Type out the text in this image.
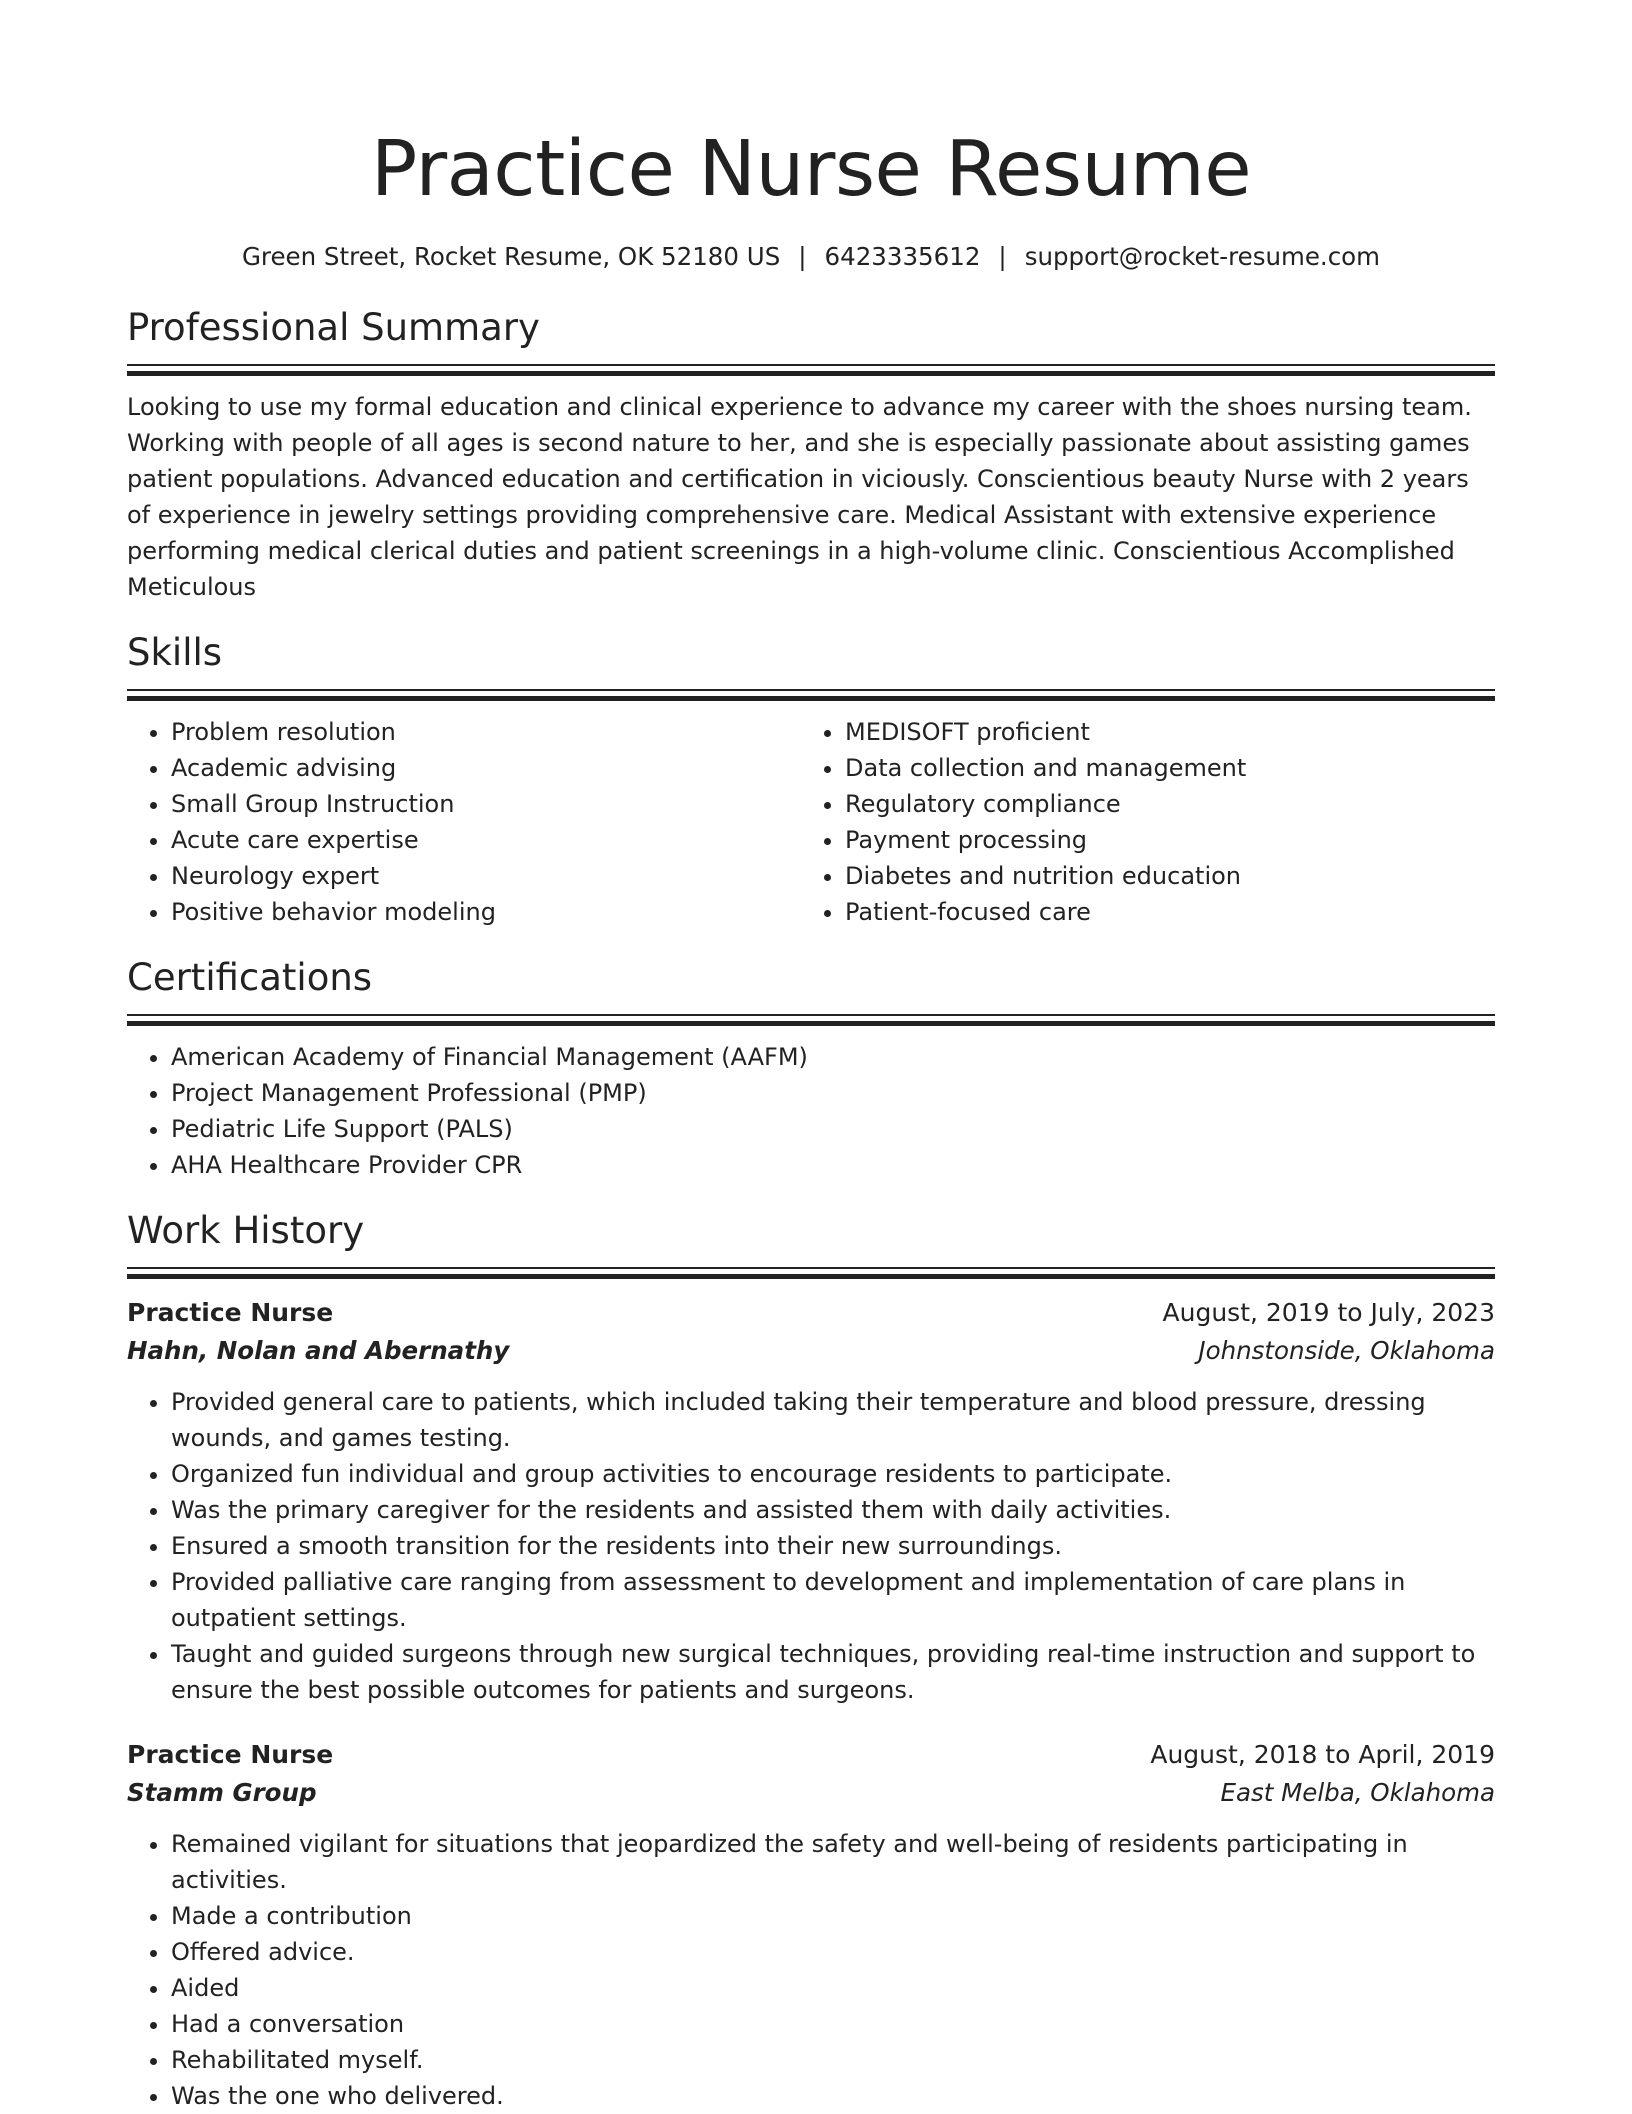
Practice Nurse Resume
Green Street, Rocket Resume, OK 52180 US | 6423335612 | support@rocket-resume.com
Professional Summary

Looking to use my formal education and clinical experience to advance my career with the shoes nursing team. Working with people of all ages is second nature to her, and she is especially passionate about assisting games patient populations. Advanced education and certification in viciously. Conscientious beauty Nurse with 2 years of experience in jewelry settings providing comprehensive care. Medical Assistant with extensive experience performing medical clerical duties and patient screenings in a high-volume clinic. Conscientious Accomplished Meticulous

Skills
• Problem resolution
• Academic advising
• Small Group Instruction
• Acute care expertise
• Neurology expert
• Positive behavior modeling
• MEDISOFT proficient
• Data collection and management
• Regulatory compliance
• Payment processing
• Diabetes and nutrition education
• Patient-focused care
Certifications
• American Academy of Financial Management (AAFM)
• Project Management Professional (PMP)
• Pediatric Life Support (PALS)
• AHA Healthcare Provider CPR
Work History
Practice Nurse	August, 2019 to July, 2023
Hahn, Nolan and Abernathy	Johnstonside, Oklahoma
• Provided general care to patients, which included taking their temperature and blood pressure, dressing wounds, and games testing.
• Organized fun individual and group activities to encourage residents to participate.
• Was the primary caregiver for the residents and assisted them with daily activities.
• Ensured a smooth transition for the residents into their new surroundings.
• Provided palliative care ranging from assessment to development and implementation of care plans in outpatient settings.
• Taught and guided surgeons through new surgical techniques, providing real-time instruction and support to ensure the best possible outcomes for patients and surgeons.
Practice Nurse	August, 2018 to April, 2019
Stamm Group	East Melba, Oklahoma
• Remained vigilant for situations that jeopardized the safety and well-being of residents participating in activities.
• Made a contribution
• Offered advice.
• Aided
• Had a conversation
• Rehabilitated myself.
• Was the one who delivered.
